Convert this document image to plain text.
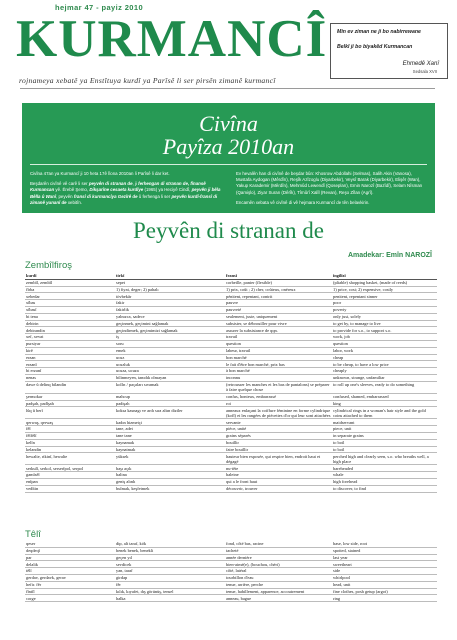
hejmar 47 - payiz 2010
KURMANCÎ
rojnameya xebatê ya Enstîtuya kurdî ya Parîsê li ser pirsên zimanê kurmancî
Min ev ziman ne ji bo nabirrewane
Belkî ji bo biyakêd Kurmancan
Ehmedê Xanî
Sedsala XVII
Civîna
Payîza 2010an

Civîna 47an ya Kurmancî ji 10 heta 17ê Îlona 2010an li Parîsê li dar ket.

Beşdarên civînê vê carê li ser peyvên di stranan de, ji ferhengan di stranan de, fînansê Kurmancan yê. Êrebê Şemo, Dikşarîne cesaeta kurdîye (1965) ya Heciyê Cindî, peyvên ji bêla Bêlla û Wanî, peyvên fransî di kurmancîya Gezîrê de û ferhenga li ser peyvên kurdî-fransî di zimanê yunanî de xebitîn.

Ev hevalên han di civînê de beşdar bûn: Khosrow Abdollahi (Selmas), Salih Akin (Vanosa), Mustafa Aydogan (Mêrdîn), Reşîk Azîzoglu (Diyarbekir), Veysî Barak (Diyarbekir), Elişêr (Wan), Yakup Karademir (Mêrdîn), Mehmûd Lewendî (Qoseplan), Emin Narozî (Bazîdî), Selam Nîsman (Qamişlo), Ziyar Suran (Dêrîk), Tîmûrî Xalîl (Revan), Reşo Zîlan (Agrî).

Encamên xebata vê civînê di vê hejmara Kurmancî de tên belavkirin.

Peyvên di stranan de
Amadekar: Emîn NAROZÎ
Zembîlfiroş
kurdî	tirkî	fransî	îngilîzî
zembîl, zembîl	sepet	corbeille, panier (flexible)	(pliable) shopping basket, (made of reeds)
fîrba	1) fiyat, deger; 2) pahalı	1) prix, coût ; 2) cher, coûteux, onéreux	1) price, cost; 2) expensive, costly
xebedar	tövbekâr	pénitent, repentant, contrit	penitent, repentant sinner
xîbas	fakir	pauvre	poor
xîbasî	fakirlik	pauvreté	poverty
bi tena	yalnızca, sadece	seulement, juste, uniquement	only just, solely
debirin	geçinmek, geçimini sağlamak	subsister, se débrouiller pour vivre	to get by, to manage to live
debirandin	geçindirmek, geçimimizi sağlamak	assurer la subsistance de qqn.	to provide for s.o., to support s.o.
xef, xevat	iş	travail	work, job
pursiyar	soru	question	question
kirê	emek	labeur, travail	labor, work
erzan	ucuz	bon marché	cheap
erzanî	ucuzluk	le fait d'être bon marché, prix bas	to be cheap, to have a low price
bi erzanî	ucuza, ucuza	à bon marché	cheaply
nenas	bilinmeyen, tanıdık olmayan	inconnu	unknown, strange, unfamiliar
dawe û delinq bilandin	kollrı / paçaları sıvamak	(retrousser les manches et les bas de pantalons) se préparer à faire quelque chose	to roll up one's sleeves, ready to do something
şermokar	mahcup	confus, honteux, embarrassé	confused, shamed, embarrassed
padşah, padîşah	padişah	roi	king
lûq û berî	koksa kasnagı ve ardı sıra altın diziler	anneaux enlaçant la coiffure féminine en forme cylindrique (kofî) et les rangées de piécettes d'or qui leur sont attachées	cylindrical rings in a woman's hair style and the gold coins attached to them
qerwaş, qerwaş	kadın hizmetçi	servante	maidservant
fêl	tane, adet	pièce, unité	piece, unit
fêlfêlî	tane tane	grains séparés	in separate grains
kelîn	kaynamak	bouillir	to boil
kelandin	kaynatmak	faire bouillir	to boil
hewalte, rikinî, hewalte	yüksek	hauteur bien exposée, qui respire bien, endroit haut et dégagé	perched high and clearly seen, s.o. who breaths well, a high place
serkulî, serkol, serserîpol, serpol	başı açık	nu-tête	bareheaded
gamîsêl	balina	baleine	whale
enîpan	geniş alınlı	qui a le front haut	high forehead
vedîtin	bulmak, keşfetmek	découvrir, trouver	to discover, to find
Têlî
qeser	dip, alt taraf, kök	fond, côté bas, racine	base, low side, root
deqdeqî	benek benek, benekli	tacheté	spotted, stained
par	geçen yıl	année dernière	last year
delalik	sevdicek	bien-aimé(e), (bouchou, chéri)	sweetheart
têlî	yan, taraf	côté, latéral	side
gerdav, gerdavk, gerav	girdap	tourbillon d'eau	whirlpool
hefir. fêr	fêr	tenue, arrière, perche	head, unit
fîntîl	kılık, kıyafet, dış görünüş, tensel	tenue, habillement, apparence, accoutrement	fine clothes, posh getup (argot)
corge	halka	anneau, bague	ring
